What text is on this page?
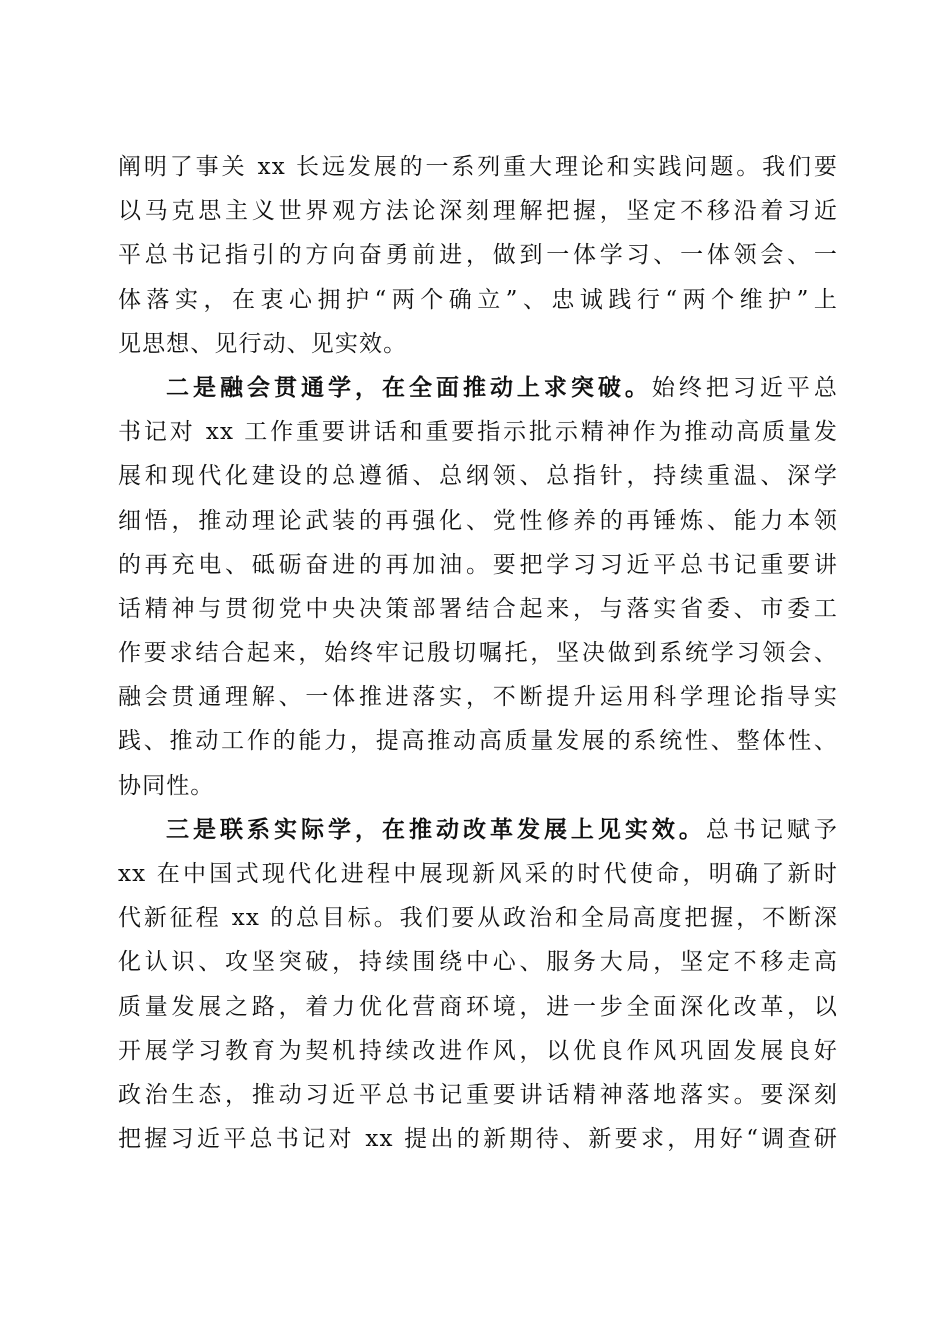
阐明了事关 xx 长远发展的一系列重大理论和实践问题。我们要
以马克思主义世界观方法论深刻理解把握，坚定不移沿着习近
平总书记指引的方向奋勇前进，做到一体学习、一体领会、一
体落实，在衷心拥护“两个确立”、忠诚践行“两个维护”上
见思想、见行动、见实效。
二是融会贯通学，在全面推动上求突破。始终把习近平总
书记对 xx 工作重要讲话和重要指示批示精神作为推动高质量发
展和现代化建设的总遵循、总纲领、总指针，持续重温、深学
细悟，推动理论武装的再强化、党性修养的再锤炼、能力本领
的再充电、砥砺奋进的再加油。要把学习习近平总书记重要讲
话精神与贯彻党中央决策部署结合起来，与落实省委、市委工
作要求结合起来，始终牢记殷切嘱托，坚决做到系统学习领会、
融会贯通理解、一体推进落实，不断提升运用科学理论指导实
践、推动工作的能力，提高推动高质量发展的系统性、整体性、
协同性。
三是联系实际学，在推动改革发展上见实效。总书记赋予
xx 在中国式现代化进程中展现新风采的时代使命，明确了新时
代新征程 xx 的总目标。我们要从政治和全局高度把握，不断深
化认识、攻坚突破，持续围绕中心、服务大局，坚定不移走高
质量发展之路，着力优化营商环境，进一步全面深化改革，以
开展学习教育为契机持续改进作风，以优良作风巩固发展良好
政治生态，推动习近平总书记重要讲话精神落地落实。要深刻
把握习近平总书记对 xx 提出的新期待、新要求，用好“调查研
